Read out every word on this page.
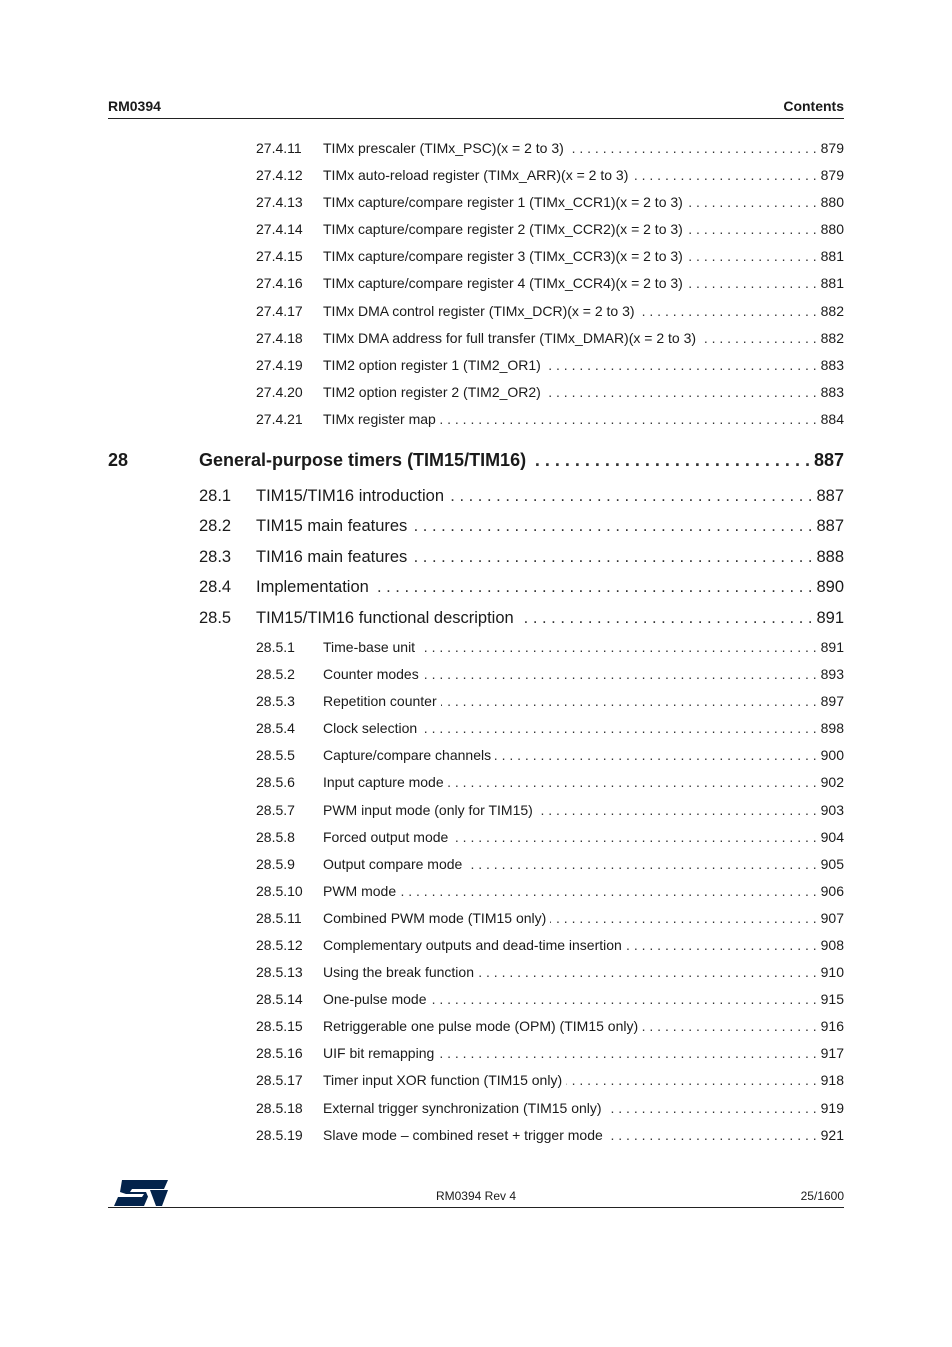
RM0394	Contents
27.4.11	TIMx prescaler (TIMx_PSC)(x = 2 to 3) . . .	879
27.4.12	TIMx auto-reload register (TIMx_ARR)(x = 2 to 3) . . .	879
27.4.13	TIMx capture/compare register 1 (TIMx_CCR1)(x = 2 to 3) . . .	880
27.4.14	TIMx capture/compare register 2 (TIMx_CCR2)(x = 2 to 3) . . .	880
27.4.15	TIMx capture/compare register 3 (TIMx_CCR3)(x = 2 to 3) . . .	881
27.4.16	TIMx capture/compare register 4 (TIMx_CCR4)(x = 2 to 3) . . .	881
27.4.17	TIMx DMA control register (TIMx_DCR)(x = 2 to 3) . . .	882
27.4.18	TIMx DMA address for full transfer (TIMx_DMAR)(x = 2 to 3) . . .	882
27.4.19	TIM2 option register 1 (TIM2_OR1) . . .	883
27.4.20	TIM2 option register 2 (TIM2_OR2) . . .	883
27.4.21	TIMx register map . . .	884
28	General-purpose timers (TIM15/TIM16) . . .	887
28.1	TIM15/TIM16 introduction . . .	887
28.2	TIM15 main features . . .	887
28.3	TIM16 main features . . .	888
28.4	Implementation . . .	890
28.5	TIM15/TIM16 functional description . . .	891
28.5.1	Time-base unit . . .	891
28.5.2	Counter modes . . .	893
28.5.3	Repetition counter . . .	897
28.5.4	Clock selection . . .	898
28.5.5	Capture/compare channels . . .	900
28.5.6	Input capture mode . . .	902
28.5.7	PWM input mode (only for TIM15) . . .	903
28.5.8	Forced output mode . . .	904
28.5.9	Output compare mode . . .	905
28.5.10	PWM mode . . .	906
28.5.11	Combined PWM mode (TIM15 only) . . .	907
28.5.12	Complementary outputs and dead-time insertion . . .	908
28.5.13	Using the break function . . .	910
28.5.14	One-pulse mode . . .	915
28.5.15	Retriggerable one pulse mode (OPM) (TIM15 only) . . .	916
28.5.16	UIF bit remapping . . .	917
28.5.17	Timer input XOR function (TIM15 only) . . .	918
28.5.18	External trigger synchronization (TIM15 only) . . .	919
28.5.19	Slave mode – combined reset + trigger mode . . .	921
RM0394 Rev 4	25/1600
